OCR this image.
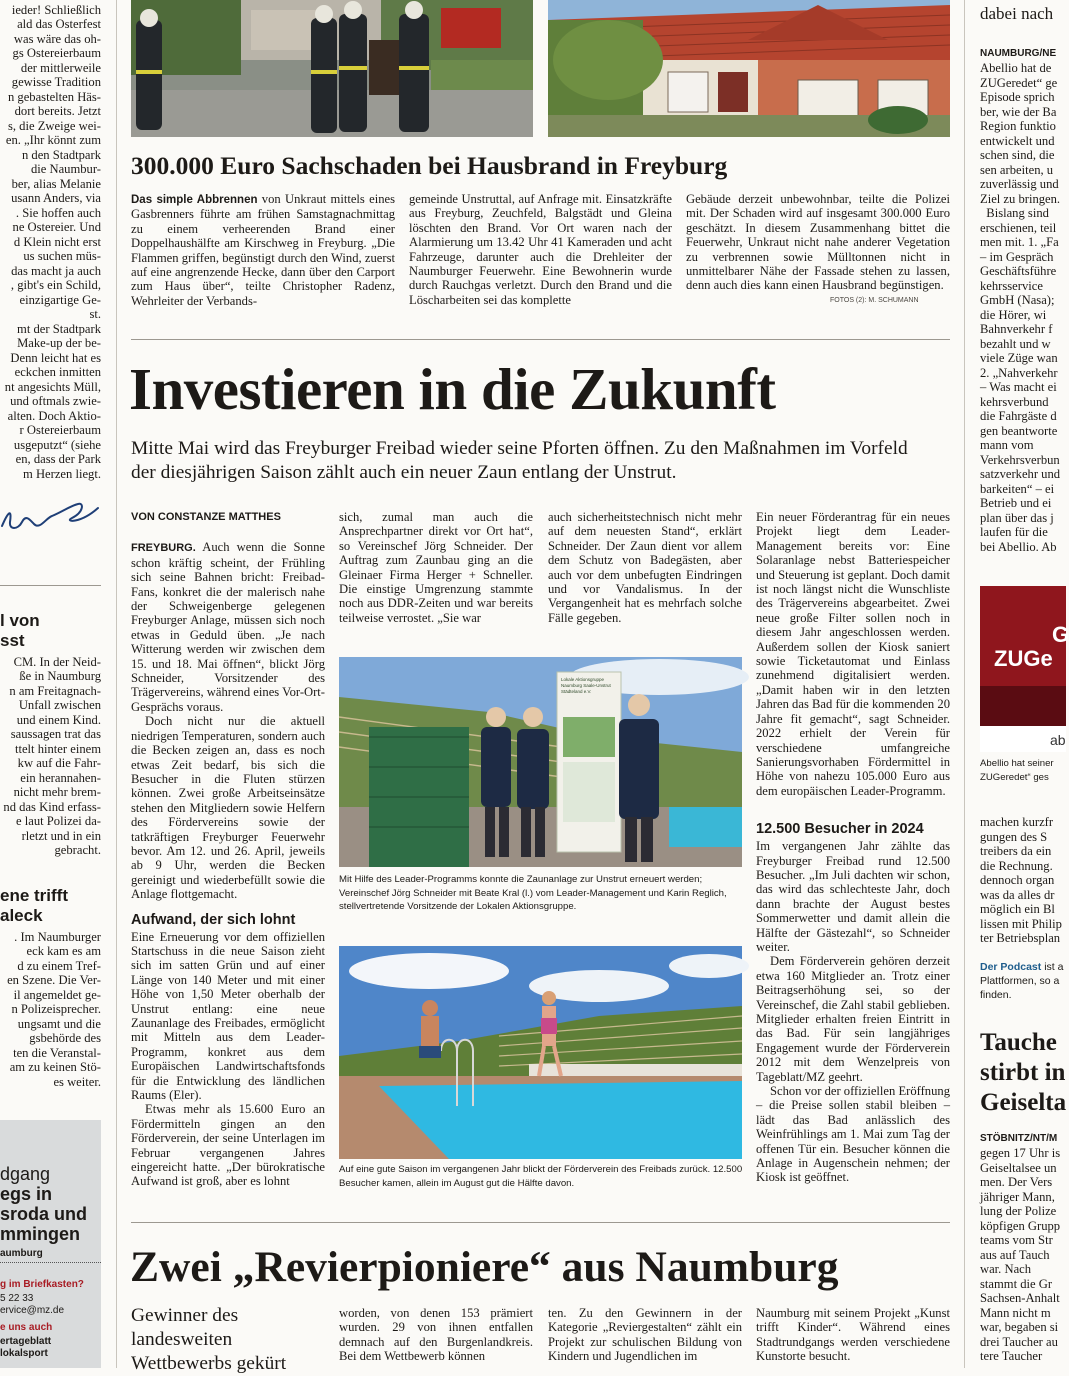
ieder! Schließlich
ald das Osterfest
was wäre das oh-
gs Ostereierbaum
der mittlerweile
gewisse Tradition
n gebastelten Häs-
dort bereits. Jetzt
s, die Zweige wei-
en. „Ihr könnt zum
n den Stadtpark
die Naumbur-
ber, alias Melanie
usann Anders, via
. Sie hoffen auch
ne Ostereier. Und
d Klein nicht erst
us suchen müs-
das macht ja auch
, gibt's ein Schild,
einzigartige Ge-
st.
mt der Stadtpark
Make-up der be-
Denn leicht hat es
eckchen inmitten
nt angesichts Müll,
und oftmals zwie-
alten. Doch Aktio-
r Ostereierbaum
usgeputzt“ (siehe
en, dass der Park
m Herzen liegt.
l von
sst
CM. In der Neid-
ße in Naumburg
n am Freitagnach-
Unfall zwischen
und einem Kind.
saussagen trat das
ttelt hinter einem
kw auf die Fahr-
ein herannahen-
nicht mehr brem-
nd das Kind erfass-
e laut Polizei da-
rletzt und in ein
gebracht.
ene trifft
aleck
. Im Naumburger
eck kam es am
d zu einem Tref-
en Szene. Die Ver-
il angemeldet ge-
n Polizeisprecher.
ungsamt und die
gsbehörde des
ten die Veranstal-
am zu keinen Stö-
es weiter.
dgang
egs in
sroda und
mmingen
aumburg
g im Briefkasten?
5 22 33
ervice@mz.de
e uns auch
ertageblatt
lokalsport
300.000 Euro Sachschaden bei Hausbrand in Freyburg

Das simple Abbrennen von Unkraut mittels eines Gasbrenners führte am frühen Samstagnachmittag zu einem verheerenden Brand einer Doppelhaushälfte am Kirschweg in Freyburg. „Die Flammen griffen, begünstigt durch den Wind, zuerst auf eine angrenzende Hecke, dann über den Carport zum Haus über“, teilte Christopher Radenz, Wehrleiter der Verbands-

gemeinde Unstruttal, auf Anfrage mit. Einsatzkräfte aus Freyburg, Zeuchfeld, Balgstädt und Gleina löschten den Brand. Vor Ort waren nach der Alarmierung um 13.42 Uhr 41 Kameraden und acht Fahrzeuge, darunter auch die Drehleiter der Naumburger Feuerwehr. Eine Bewohnerin wurde durch Rauchgas verletzt. Durch den Brand und die Löscharbeiten sei das komplette

Gebäude derzeit unbewohnbar, teilte die Polizei mit. Der Schaden wird auf insgesamt 300.000 Euro geschätzt. In diesem Zusammenhang bittet die Feuerwehr, Unkraut nicht nahe anderer Vegetation zu verbrennen sowie Mülltonnen nicht in unmittelbarer Nähe der Fassade stehen zu lassen, denn auch dies kann einen Hausbrand begünstigen.

FOTOS (2): M. SCHUMANN
Investieren in die Zukunft
Mitte Mai wird das Freyburger Freibad wieder seine Pforten öffnen. Zu den Maßnahmen im Vorfeld der diesjährigen Saison zählt auch ein neuer Zaun entlang der Unstrut.
VON CONSTANZE MATTHES

FREYBURG. Auch wenn die Sonne schon kräftig scheint, der Frühling sich seine Bahnen bricht: Freibad-Fans, konkret die der malerisch nahe der Schweigenberge gelegenen Freyburger Anlage, müssen sich noch etwas in Geduld üben. „Je nach Witterung werden wir zwischen dem 15. und 18. Mai öffnen“, blickt Jörg Schneider, Vorsitzender des Trägervereins, während eines Vor-Ort-Gesprächs voraus.

Doch nicht nur die aktuell niedrigen Temperaturen, sondern auch die Becken zeigen an, dass es noch etwas Zeit bedarf, bis sich die Besucher in die Fluten stürzen können. Zwei große Arbeitseinsätze stehen den Mitgliedern sowie Helfern des Fördervereins sowie der tatkräftigen Freyburger Feuerwehr bevor. Am 12. und 26. April, jeweils ab 9 Uhr, werden die Becken gereinigt und wiederbefüllt sowie die Anlage flottgemacht.

Aufwand, der sich lohnt

Eine Erneuerung vor dem offiziellen Startschuss in die neue Saison zieht sich im satten Grün und auf einer Länge von 140 Meter und mit einer Höhe von 1,50 Meter oberhalb der Unstrut entlang: eine neue Zaunanlage des Freibades, ermöglicht mit Mitteln aus dem Leader-Programm, konkret aus dem Europäischen Landwirtschaftsfonds für die Entwicklung des ländlichen Raums (Eler).

Etwas mehr als 15.600 Euro an Fördermitteln gingen an den Förderverein, der seine Unterlagen im Februar vergangenen Jahres eingereicht hatte. „Der bürokratische Aufwand ist groß, aber es lohnt

sich, zumal man auch die Ansprechpartner direkt vor Ort hat“, so Vereinschef Jörg Schneider. Der Auftrag zum Zaunbau ging an die Gleinaer Firma Herger + Schneller. Die einstige Umgrenzung stammte noch aus DDR-Zeiten und war bereits teilweise verrostet. „Sie war

auch sicherheitstechnisch nicht mehr auf dem neuesten Stand“, erklärt Schneider. Der Zaun dient vor allem dem Schutz von Badegästen, aber auch vor dem unbefugten Eindringen und vor Vandalismus. In der Vergangenheit hat es mehrfach solche Fälle gegeben.

Lokale Aktionsgruppe
Naumburg Saale-Unstrut
Städteland e.V.
Mit Hilfe des Leader-Programms konnte die Zaunanlage zur Unstrut erneuert werden; Vereinschef Jörg Schneider mit Beate Kral (l.) vom Leader-Management und Karin Reglich, stellvertretende Vorsitzende der Lokalen Aktionsgruppe.
Auf eine gute Saison im vergangenen Jahr blickt der Förderverein des Freibads zurück. 12.500 Besucher kamen, allein im August gut die Hälfte davon.

Ein neuer Förderantrag für ein neues Projekt liegt dem Leader-Management bereits vor: Eine Solaranlage nebst Batteriespeicher und Steuerung ist geplant. Doch damit ist noch längst nicht die Wunschliste des Trägervereins abgearbeitet. Zwei neue große Filter sollen noch in diesem Jahr angeschlossen werden. Außerdem sollen der Kiosk saniert sowie Ticketautomat und Einlass zunehmend digitalisiert werden. „Damit haben wir in den letzten Jahren das Bad für die kommenden 20 Jahre fit gemacht“, sagt Schneider. 2022 erhielt der Verein für verschiedene umfangreiche Sanierungsvorhaben Fördermittel in Höhe von nahezu 105.000 Euro aus dem europäischen Leader-Programm.

12.500 Besucher in 2024

Im vergangenen Jahr zählte das Freyburger Freibad rund 12.500 Besucher. „Im Juli dachten wir schon, das wird das schlechteste Jahr, doch dann brachte der August bestes Sommerwetter und damit allein die Hälfte der Gästezahl“, so Schneider weiter.

Dem Förderverein gehören derzeit etwa 160 Mitglieder an. Trotz einer Beitragserhöhung sei, so der Vereinschef, die Zahl stabil geblieben. Mitglieder erhalten freien Eintritt in das Bad. Für sein langjähriges Engagement wurde der Förderverein 2012 mit dem Wenzelpreis von Tageblatt/MZ geehrt.

Schon vor der offiziellen Eröffnung – die Preise sollen stabil bleiben – lädt das Bad anlässlich des Weinfrühlings am 1. Mai zum Tag der offenen Tür ein. Besucher können die Anlage in Augenschein nehmen; der Kiosk ist geöffnet.

Zwei „Revierpioniere“ aus Naumburg
Gewinner des landesweiten Wettbewerbs gekürt

worden, von denen 153 prämiert wurden. 29 von ihnen entfallen demnach auf den Burgenlandkreis. Bei dem Wettbewerb können

ten. Zu den Gewinnern in der Kategorie „Reviergestalten“ zählt ein Projekt zur schulischen Bildung von Kindern und Jugendlichen im

Naumburg mit seinem Projekt „Kunst trifft Kinder“. Während eines Stadtrundgangs werden verschiedene Kunstorte besucht.

dabei nach
NAUMBURG/NE
Abellio hat de
ZUGeredet“ ge
Episode sprich
ber, wie der Ba
Region funktio
entwickelt und
schen sind, die
sen arbeiten, u
zuverlässig und
Ziel zu bringen.
Bislang sind
erschienen, teil
men mit. 1. „Fa
– im Gespräch
Geschäftsführe
kehrsservice
GmbH (Nasa);
die Hörer, wi
Bahnverkehr f
bezahlt und w
viele Züge wan
2. „Nahverkehr
– Was macht ei
kehrsverbund
die Fahrgäste d
gen beantworte
mann vom
Verkehrsverbun
satzverkehr und
barkeiten“ – ei
Betrieb und ei
plan über das j
laufen für die
bei Abellio. Ab
G
ZUGe
ab
Abellio hat seiner
ZUGeredet“ ges
machen kurzfr
gungen des S
treibers da ein
die Rechnung.
dennoch organ
was da alles dr
möglich ein Bl
lissen mit Philip
ter Betriebsplan
Der Podcast ist a
Plattformen, so a
finden.
Tauche
stirbt in
Geiselta
STÖBNITZ/NT/M
gegen 17 Uhr is
Geiseltalsee un
men. Der Vers
jähriger Mann,
lung der Polize
köpfigen Grupp
teams vom Str
aus auf Tauch
war. Nach
stammt die Gr
Sachsen-Anhalt
Mann nicht m
war, begaben si
drei Taucher au
tere Taucher
